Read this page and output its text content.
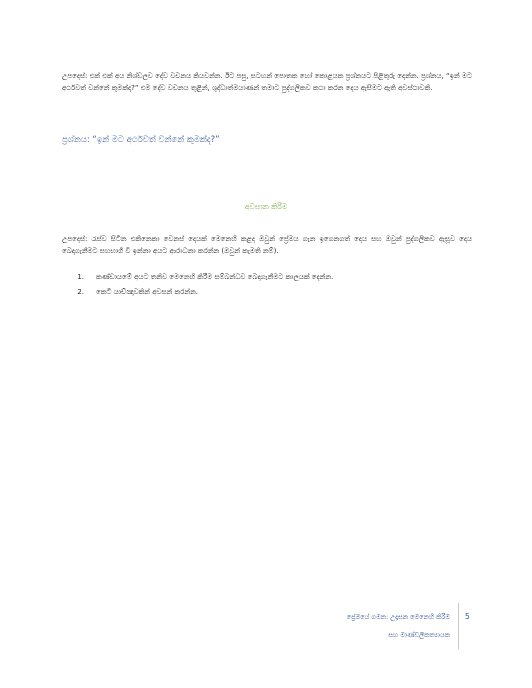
උපදෙස්: එක් එක් අය නිශ්ඩලව දේව වචනය කියවන්න. ඊට පසු, සටහන් පොතක හෝ කොළයක ප්‍රශ්නයට පිළිතුරු දෙන්න. ප්‍රශ්නය, “ඉන් මට අර්ථවත් වන්නේ කුමක්ද?” එම දේව වචනය තුළින්, ශුද්ධාත්මයාණන් තමාට පුද්ගලිකව කථා කරන දෙය ඇසීමට ඇති අවස්ථාවකි.
ප්‍රශ්නය: “ඉන් මට අර්ථවත් වන්නේ කුමක්ද?”
අවසාන කිරීම
උපදෙස්: රැස්ව සිටින එකිනෙකා වෙනස් දෙයක් මෙනෙහි කළද ඔවුන් ප්‍රේමය ගැන ඉගෙනගත් දෙය සහ ඔවුන් පුද්ගලිකව ඇසූව දෙය බෙදාගැනීමට සහභාගී වී ඉන්නා අයට ආරාධනා කරන්න (ඔවුන් කැමති නම්).
1.	කණ්ඩායමේ අයට තනිව මෙනෙහි කිරීම සම්බන්ධව බෙදාගැනීමට කාලයක් දෙන්න.
2.	කෙටි යාච්ඤාවකින් අවසන් කරන්න.
ප්‍රේමයේ ගමන: උදෑසන මෙනෙහි කිරීම
සහ මාණ්ඩලිකත්‍යායක
5
